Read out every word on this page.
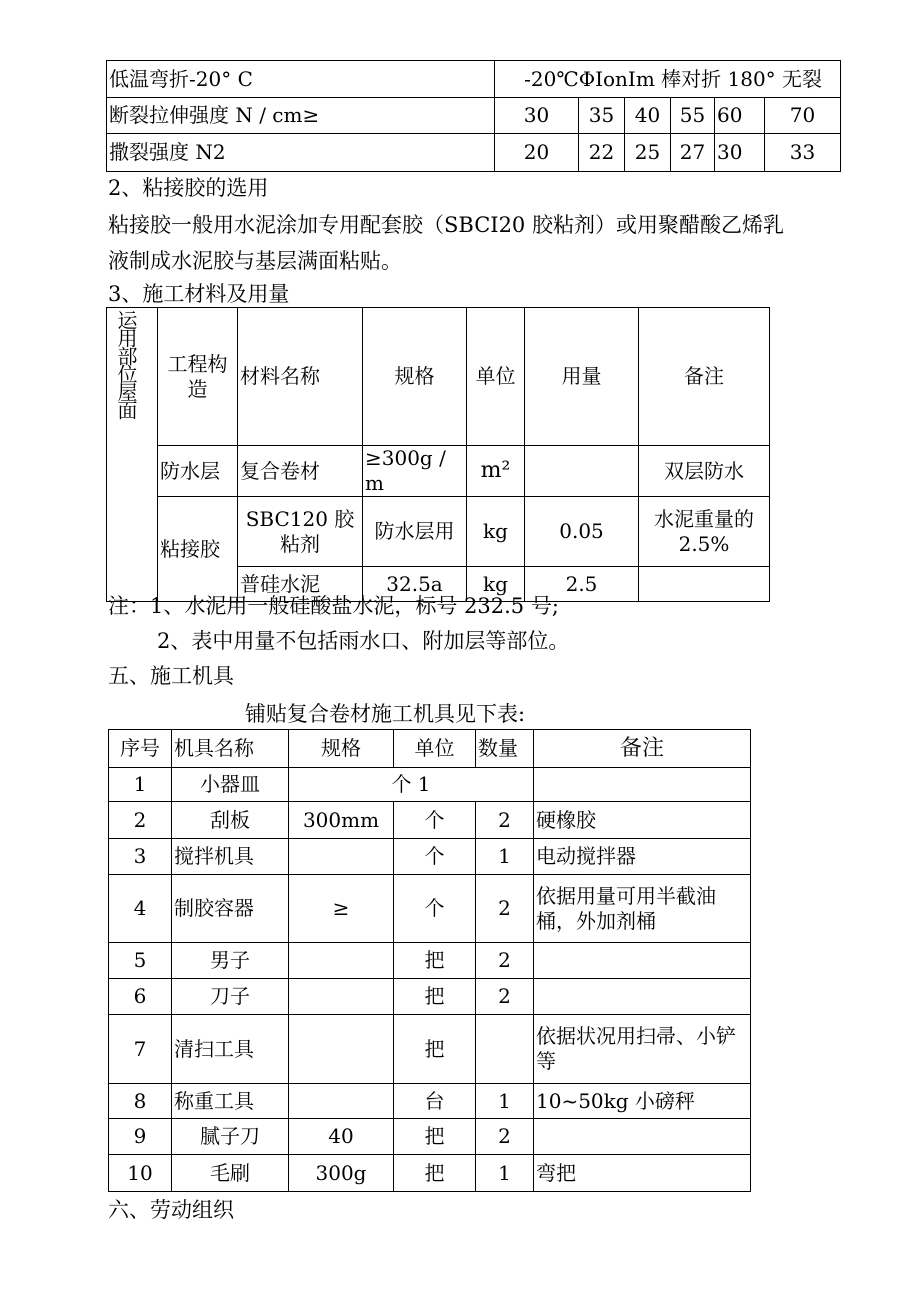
低温弯折-20° C	-20℃ΦIonIm 棒对折 180° 无裂					
断裂拉伸强度 N / cm≥	30	35	40	55	60	70
撒裂强度 N2	20	22	25	27	30	33
2、粘接胶的选用
粘接胶一般用水泥涂加专用配套胶（SBCI20 胶粘剂）或用聚醋酸乙烯乳
液制成水泥胶与基层满面粘贴。
3、施工材料及用量
运用部位屋面	工程构造	材料名称	规格	单位	用量	备注
	防水层	复合卷材	≥300g / m	m²		双层防水
	粘接胶	SBC120 胶粘剂	防水层用	kg	0.05	水泥重量的 2.5%
		普硅水泥	32.5a	kg	2.5	
注：1、水泥用一般硅酸盐水泥，标号 232.5 号;
2、表中用量不包括雨水口、附加层等部位。
五、施工机具
铺贴复合卷材施工机具见下表:
序号	机具名称	规格	单位	数量	备注
1	小器皿	个 1			
2	刮板	300mm	个	2	硬橡胶
3	搅拌机具		个	1	电动搅拌器
4	制胶容器	≥	个	2	依据用量可用半截油桶，外加剂桶
5	男子		把	2	
6	刀子		把	2	
7	清扫工具		把		依据状况用扫帚、小铲等
8	称重工具		台	1	10~50kg 小磅秤
9	腻子刀	40	把	2	
10	毛刷	300g	把	1	弯把
六、劳动组织
